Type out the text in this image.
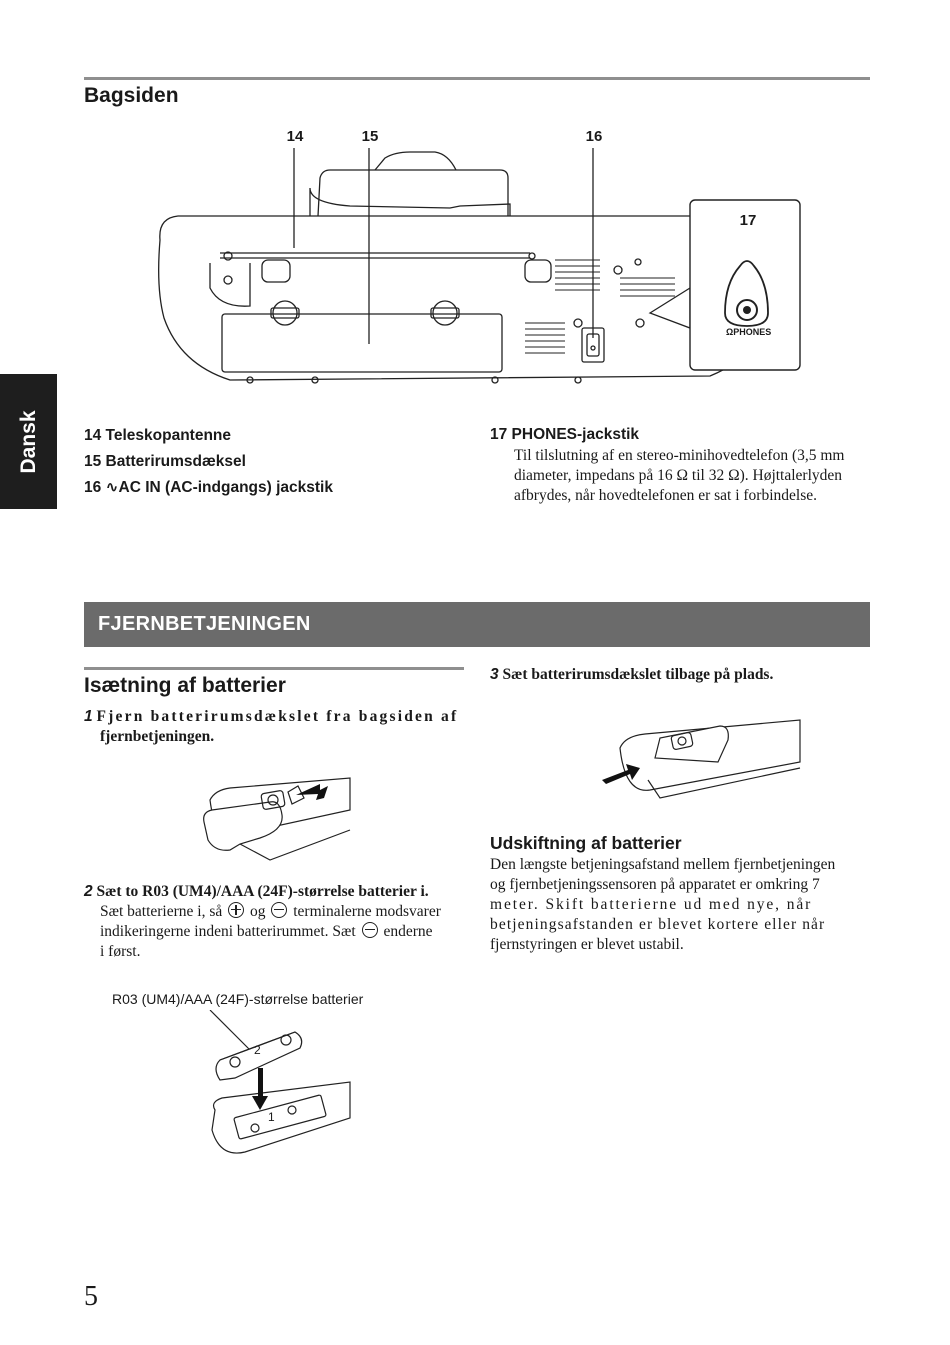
Bagsiden
14	15	16
17
ΩPHONES
Dansk	14 Teleskopantenne
15 Batterirumsdæksel
16 ∿AC IN (AC-indgangs) jackstik
17 PHONES-jackstik
Til tilslutning af en stereo-minihovedtelefon (3,5 mm
diameter, impedans på 16 Ω til 32 Ω). Højttalerlyden
afbrydes, når hovedtelefonen er sat i forbindelse.
FJERNBETJENINGEN
Isætning af batterier
1 Fjern batterirumsdækslet fra bagsiden af
fjernbetjeningen.
2 Sæt to R03 (UM4)/AAA (24F)-størrelse batterier i.
Sæt batterierne i, så og terminalerne modsvarer
indikeringerne indeni batterirummet. Sæt enderne
i først.
R03 (UM4)/AAA (24F)-størrelse batterier
2
1
3 Sæt batterirumsdækslet tilbage på plads.
Udskiftning af batterier
Den længste betjeningsafstand mellem fjernbetjeningen
og fjernbetjeningssensoren på apparatet er omkring 7
meter. Skift batterierne ud med nye, når
betjeningsafstanden er blevet kortere eller når
fjernstyringen er blevet ustabil.
5
